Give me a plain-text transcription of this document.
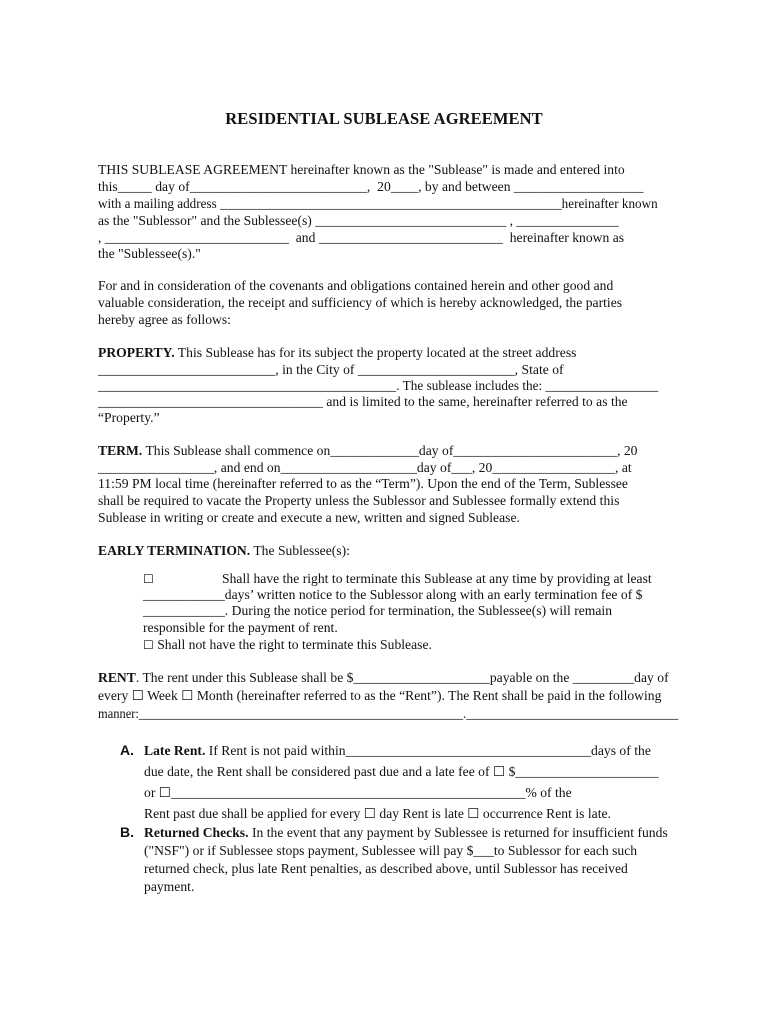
RESIDENTIAL SUBLEASE AGREEMENT
THIS SUBLEASE AGREEMENT hereinafter known as the "Sublease" is made and entered into
this_____ day of__________________________,  20____, by and between ___________________
with a mailing address ____________________________________________________hereinafter known
as the "Sublessor" and the Sublessee(s) ____________________________ , _______________
, ___________________________  and ___________________________  hereinafter known as
the "Sublessee(s)."
For and in consideration of the covenants and obligations contained herein and other good and
valuable consideration, the receipt and sufficiency of which is hereby acknowledged, the parties
hereby agree as follows:
PROPERTY. This Sublease has for its subject the property located at the street address
__________________________, in the City of _______________________, State of
_____________________________________________. The sublease includes the: _________________
_________________________________ and is limited to the same, hereinafter referred to as the
“Property.”
TERM. This Sublease shall commence on_____________day of________________________, 20
_________________, and end on____________________day of___, 20__________________, at
11:59 PM local time (hereinafter referred to as the “Term”). Upon the end of the Term, Sublessee
shall be required to vacate the Property unless the Sublessor and Sublessee formally extend this
Sublease in writing or create and execute a new, written and signed Sublease.
EARLY TERMINATION. The Sublessee(s):
☐	Shall have the right to terminate this Sublease at any time by providing at least
____________days’ written notice to the Sublessor along with an early termination fee of $
____________. During the notice period for termination, the Sublessee(s) will remain
responsible for the payment of rent.
☐ Shall not have the right to terminate this Sublease.
RENT. The rent under this Sublease shall be $____________________payable on the _________day of
every ☐ Week ☐ Month (hereinafter referred to as the “Rent”). The Rent shall be paid in the following
manner:____________________________________________________.__________________________________
A. Late Rent. If Rent is not paid within____________________________________days of the
due date, the Rent shall be considered past due and a late fee of ☐ $_____________________
or ☐____________________________________________________% of the
Rent past due shall be applied for every ☐ day Rent is late ☐ occurrence Rent is late.
B. Returned Checks. In the event that any payment by Sublessee is returned for insufficient funds
("NSF") or if Sublessee stops payment, Sublessee will pay $___to Sublessor for each such
returned check, plus late Rent penalties, as described above, until Sublessor has received
payment.
